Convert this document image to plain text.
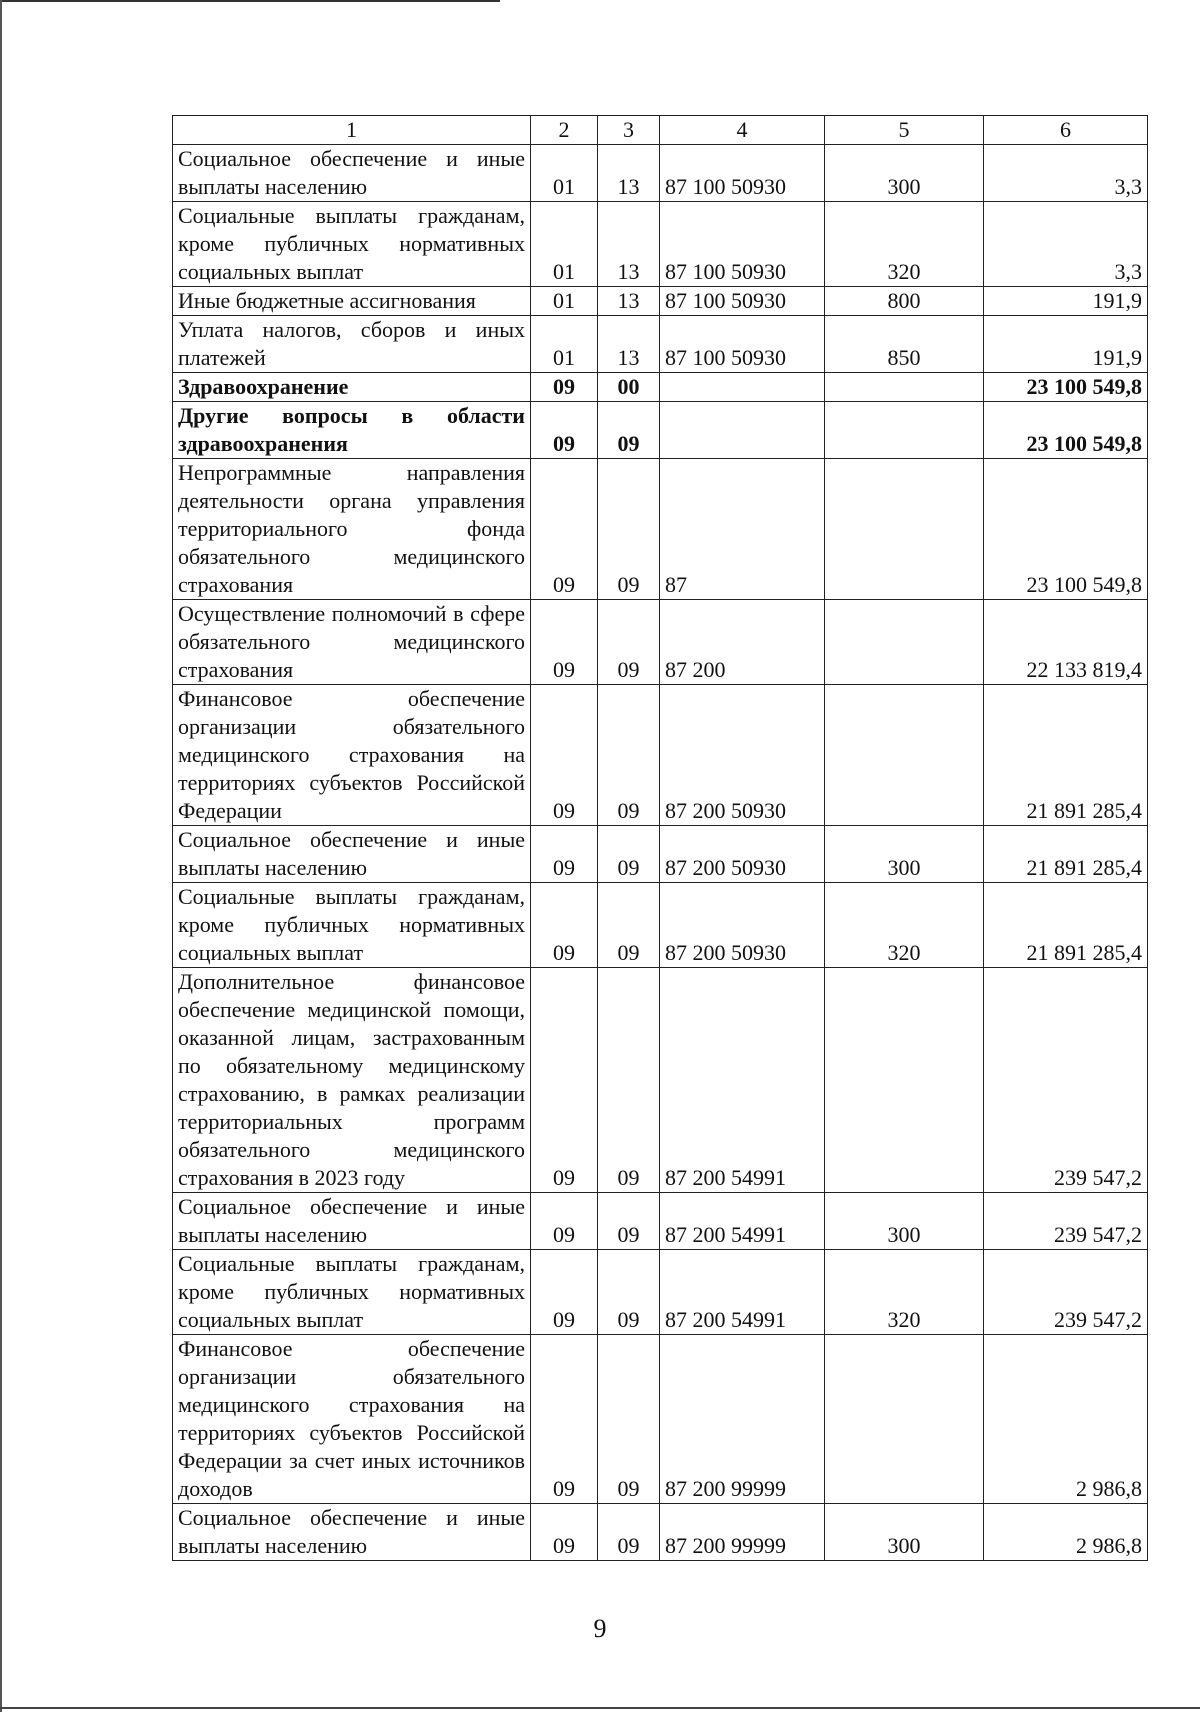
1	2	3	4	5	6
Социальное обеспечение и иные выплаты населению	01	13	87 100 50930	300	3,3
Социальные выплаты гражданам, кроме публичных нормативных социальных выплат	01	13	87 100 50930	320	3,3
Иные бюджетные ассигнования	01	13	87 100 50930	800	191,9
Уплата налогов, сборов и иных платежей	01	13	87 100 50930	850	191,9
Здравоохранение	09	00			23 100 549,8
Другие вопросы в области здравоохранения	09	09			23 100 549,8
Непрограммные направления деятельности органа управления территориального фонда обязательного медицинского страхования	09	09	87		23 100 549,8
Осуществление полномочий в сфере обязательного медицинского страхования	09	09	87 200		22 133 819,4
Финансовое обеспечение организации обязательного медицинского страхования на территориях субъектов Российской Федерации	09	09	87 200 50930		21 891 285,4
Социальное обеспечение и иные выплаты населению	09	09	87 200 50930	300	21 891 285,4
Социальные выплаты гражданам, кроме публичных нормативных социальных выплат	09	09	87 200 50930	320	21 891 285,4
Дополнительное финансовое обеспечение медицинской помощи, оказанной лицам, застрахованным по обязательному медицинскому страхованию, в рамках реализации территориальных программ обязательного медицинского страхования в 2023 году	09	09	87 200 54991		239 547,2
Социальное обеспечение и иные выплаты населению	09	09	87 200 54991	300	239 547,2
Социальные выплаты гражданам, кроме публичных нормативных социальных выплат	09	09	87 200 54991	320	239 547,2
Финансовое обеспечение организации обязательного медицинского страхования на территориях субъектов Российской Федерации за счет иных источников доходов	09	09	87 200 99999		2 986,8
Социальное обеспечение и иные выплаты населению	09	09	87 200 99999	300	2 986,8
9
